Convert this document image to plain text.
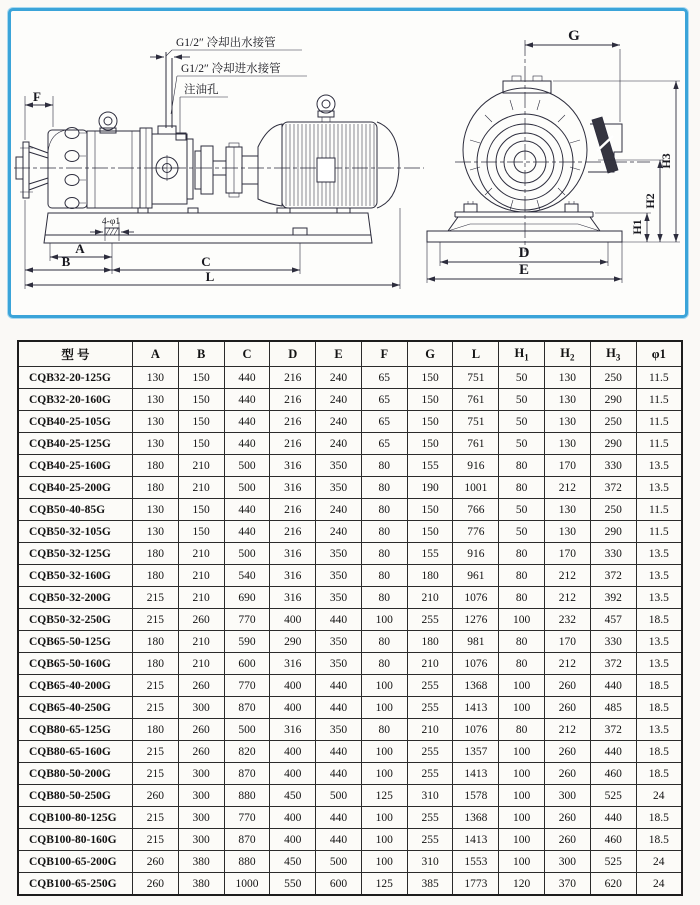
G1/2″ 冷却出水接管
G1/2″ 冷却进水接管
注油孔
F
4-φ1
A
B	C
L
G
H1
H2
H3
D
E
型 号	A	B	C	D	E	F	G	L	$H_1$	$H_2$	$H_3$	φ1
CQB32-20-125G	130	150	440	216	240	65	150	751	50	130	250	11.5
CQB32-20-160G	130	150	440	216	240	65	150	761	50	130	290	11.5
CQB40-25-105G	130	150	440	216	240	65	150	751	50	130	250	11.5
CQB40-25-125G	130	150	440	216	240	65	150	761	50	130	290	11.5
CQB40-25-160G	180	210	500	316	350	80	155	916	80	170	330	13.5
CQB40-25-200G	180	210	500	316	350	80	190	1001	80	212	372	13.5
CQB50-40-85G	130	150	440	216	240	80	150	766	50	130	250	11.5
CQB50-32-105G	130	150	440	216	240	80	150	776	50	130	290	11.5
CQB50-32-125G	180	210	500	316	350	80	155	916	80	170	330	13.5
CQB50-32-160G	180	210	540	316	350	80	180	961	80	212	372	13.5
CQB50-32-200G	215	210	690	316	350	80	210	1076	80	212	392	13.5
CQB50-32-250G	215	260	770	400	440	100	255	1276	100	232	457	18.5
CQB65-50-125G	180	210	590	290	350	80	180	981	80	170	330	13.5
CQB65-50-160G	180	210	600	316	350	80	210	1076	80	212	372	13.5
CQB65-40-200G	215	260	770	400	440	100	255	1368	100	260	440	18.5
CQB65-40-250G	215	300	870	400	440	100	255	1413	100	260	485	18.5
CQB80-65-125G	180	260	500	316	350	80	210	1076	80	212	372	13.5
CQB80-65-160G	215	260	820	400	440	100	255	1357	100	260	440	18.5
CQB80-50-200G	215	300	870	400	440	100	255	1413	100	260	460	18.5
CQB80-50-250G	260	300	880	450	500	125	310	1578	100	300	525	24
CQB100-80-125G	215	300	770	400	440	100	255	1368	100	260	440	18.5
CQB100-80-160G	215	300	870	400	440	100	255	1413	100	260	460	18.5
CQB100-65-200G	260	380	880	450	500	100	310	1553	100	300	525	24
CQB100-65-250G	260	380	1000	550	600	125	385	1773	120	370	620	24
